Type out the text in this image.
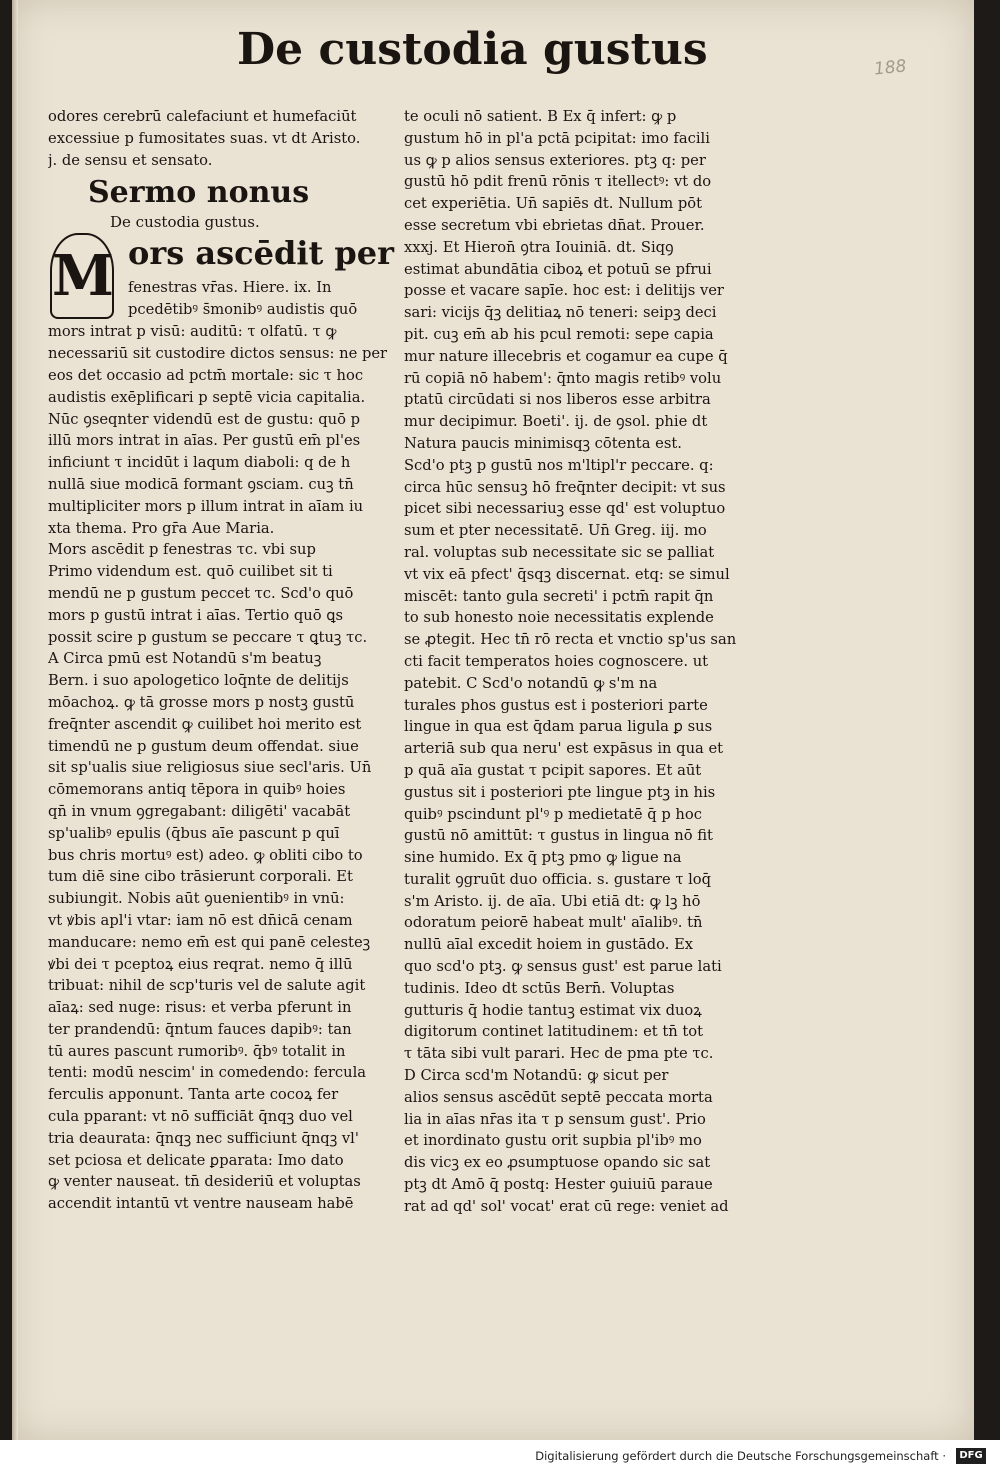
De custodia gustus	188
odores cerebrū calefaciunt et humefaciūt
excessiue p fumositates suas. vt dt Aristo.
j. de sensu et sensato.
Sermo nonus
De custodia gustus.
M ors ascēdit per
fenestras vr̄as. Hiere. ix. In
pcedētibꝰ s̄monibꝰ audistis quō
mors intrat p visū: auditū: τ olfatū. τ ꝙ
necessariū sit custodire dictos sensus: ne per
eos det occasio ad pctm̄ mortale: sic τ hoc
audistis exēplificari p septē vicia capitalia.
Nūc ꝯseqnter videndū est de gustu: quō p
illū mors intrat in aīas. Per gustū em̄ pl'es
inficiunt τ incidūt i laqum diaboli: q de h
nullā siue modicā formant ꝯsciam. cuꝫ tn̄
multipliciter mors p illum intrat in aīam iu
xta thema. Pro gr̄a Aue Maria.
Mors ascēdit p fenestras τc. vbi sup
Primo videndum est. quō cuilibet sit ti
mendū ne p gustum peccet τc. Scd'o quō
mors p gustū intrat i aīas. Tertio quō ꝗs
possit scire p gustum se peccare τ ꝗtuꝫ τc.
A Circa pmū est Notandū s'm beatuꝫ
Bern. i suo apologetico loq̄nte de delitijs
mōachoꝝ. ꝙ tā grosse mors p nostꝫ gustū
freq̄nter ascendit ꝙ cuilibet hoi merito est
timendū ne p gustum deum offendat. siue
sit sp'ualis siue religiosus siue secl'aris. Un̄
cōmemorans antiq tēpora in quibꝰ hoies
qn̄ in vnum ꝯgregabant: diligēti' vacabāt
sp'ualibꝰ epulis (q̄bus aīe pascunt p quī
bus chris mortuꝰ est) adeo. ꝙ obliti cibo to
tum diē sine cibo trāsierunt corporali. Et
subiungit. Nobis aūt ꝯuenientibꝰ in vnū:
vt ꝟbis apl'i vtar: iam nō est dn̄icā cenam
manducare: nemo em̄ est qui panē celesteꝫ
ꝟbi dei τ pceptoꝝ eius reqrat. nemo q̄ illū
tribuat: nihil de scp'turis vel de salute agit
aīaꝝ: sed nuge: risus: et verba pferunt in
ter prandendū: q̄ntum fauces dapibꝰ: tan
tū aures pascunt rumoribꝰ. q̄bꝰ totalit in
tenti: modū nescim' in comedendo: fercula
ferculis apponunt. Tanta arte cocoꝝ fer
cula pparant: vt nō sufficiāt q̄nqꝫ duo vel
tria deaurata: q̄nqꝫ nec sufficiunt q̄nqꝫ vl'
set pciosa et delicate ꝑparata: Imo dato
ꝙ venter nauseat. tn̄ desideriū et voluptas
accendit intantū vt ventre nauseam habē
te oculi nō satient. B Ex q̄ infert: ꝙ p
gustum hō in pl'a pctā pcipitat: imo facili
us ꝙ p alios sensus exteriores. ptꝫ q: per
gustū hō pdit frenū rōnis τ itellectꝰ: vt do
cet experiētia. Un̄ sapiēs dt. Nullum pōt
esse secretum vbi ebrietas dn̄at. Prouer.
xxxj. Et Hieron̄ ꝯtra Iouiniā. dt. Siqꝯ
estimat abundātia ciboꝝ et potuū se pfrui
posse et vacare sapīe. hoc est: i delitijs ver
sari: vicijs q̄ꝫ delitiaꝝ nō teneri: seipꝫ deci
pit. cuꝫ em̄ ab his pcul remoti: sepe capia
mur nature illecebris et cogamur ea cupe q̄
rū copiā nō habem': q̄nto magis retibꝰ volu
ptatū circūdati si nos liberos esse arbitra
mur decipimur. Boeti'. ij. de ꝯsol. phie dt
Natura paucis minimisqꝫ cōtenta est.
Scd'o ptꝫ p gustū nos m'ltipl'r peccare. q:
circa hūc sensuꝫ hō freq̄nter decipit: vt sus
picet sibi necessariuꝫ esse qd' est voluptuo
sum et pter necessitatē. Un̄ Greg. iij. mo
ral. voluptas sub necessitate sic se palliat
vt vix eā pfect' q̄sqꝫ discernat. etq: se simul
miscēt: tanto gula secreti' i pctm̄ rapit q̄n
to sub honesto noie necessitatis explende
se ꝓtegit. Hec tn̄ rō recta et vnctio sp'us san
cti facit temperatos hoies cognoscere. ut
patebit. C Scd'o notandū ꝙ s'm na
turales phos gustus est i posteriori parte
lingue in qua est q̄dam parua ligula ꝑ sus
arteriā sub qua neru' est expāsus in qua et
p quā aīa gustat τ pcipit sapores. Et aūt
gustus sit i posteriori pte lingue ptꝫ in his
quibꝰ pscindunt pl'ꝰ p medietatē q̄ p hoc
gustū nō amittūt: τ gustus in lingua nō fit
sine humido. Ex q̄ ptꝫ pmo ꝙ ligue na
turalit ꝯgruūt duo officia. s. gustare τ loq̄
s'm Aristo. ij. de aīa. Ubi etiā dt: ꝙ lꝫ hō
odoratum peiorē habeat mult' aīalibꝰ. tn̄
nullū aīal excedit hoiem in gustādo. Ex
quo scd'o ptꝫ. ꝙ sensus gust' est parue lati
tudinis. Ideo dt sctūs Bern̄. Voluptas
gutturis q̄ hodie tantuꝫ estimat vix duoꝝ
digitorum continet latitudinem: et tn̄ tot
τ tāta sibi vult parari. Hec de pma pte τc.
D Circa scd'm Notandū: ꝙ sicut per
alios sensus ascēdūt septē peccata morta
lia in aīas nr̄as ita τ p sensum gust'. Prio
et inordinato gustu orit supbia pl'ibꝰ mo
dis vicꝫ ex eo ꝓsumptuose opando sic sat
ptꝫ dt Amō q̄ postq: Hester ꝯuiuiū paraue
rat ad qd' sol' vocat' erat cū rege: veniet ad
Digitalisierung gefördert durch die Deutsche Forschungsgemeinschaft ·	DFG
